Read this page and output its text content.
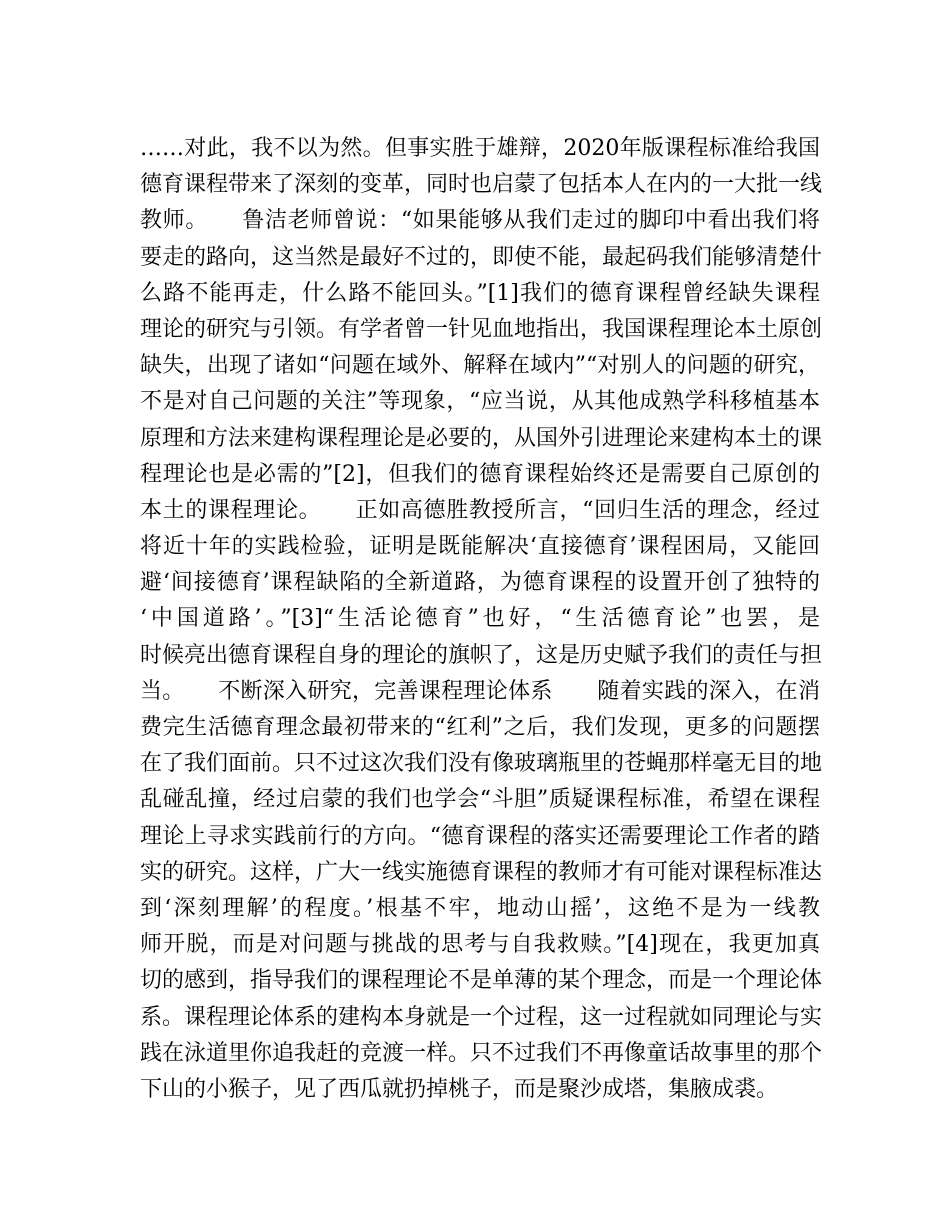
……对此，我不以为然。但事实胜于雄辩，2020年版课程标准给我国
德育课程带来了深刻的变革，同时也启蒙了包括本人在内的一大批一线
教师。　　鲁洁老师曾说：“如果能够从我们走过的脚印中看出我们将
要走的路向，这当然是最好不过的，即使不能，最起码我们能够清楚什
么路不能再走，什么路不能回头。”[1]我们的德育课程曾经缺失课程
理论的研究与引领。有学者曾一针见血地指出，我国课程理论本土原创
缺失，出现了诸如“问题在域外、解释在域内”“对别人的问题的研究，
不是对自己问题的关注”等现象，“应当说，从其他成熟学科移植基本
原理和方法来建构课程理论是必要的，从国外引进理论来建构本土的课
程理论也是必需的”[2]，但我们的德育课程始终还是需要自己原创的
本土的课程理论。　　正如高德胜教授所言，“回归生活的理念，经过
将近十年的实践检验，证明是既能解决‘直接德育’课程困局，又能回
避‘间接德育’课程缺陷的全新道路，为德育课程的设置开创了独特的
‘中国道路’。”[3]“生活论德育”也好，“生活德育论”也罢，是
时候亮出德育课程自身的理论的旗帜了，这是历史赋予我们的责任与担
当。　　不断深入研究，完善课程理论体系　　随着实践的深入，在消
费完生活德育理念最初带来的“红利”之后，我们发现，更多的问题摆
在了我们面前。只不过这次我们没有像玻璃瓶里的苍蝇那样毫无目的地
乱碰乱撞，经过启蒙的我们也学会“斗胆”质疑课程标准，希望在课程
理论上寻求实践前行的方向。“德育课程的落实还需要理论工作者的踏
实的研究。这样，广大一线实施德育课程的教师才有可能对课程标准达
到‘深刻理解’的程度。’根基不牢，地动山摇’，这绝不是为一线教
师开脱，而是对问题与挑战的思考与自我救赎。”[4]现在，我更加真
切的感到，指导我们的课程理论不是单薄的某个理念，而是一个理论体
系。课程理论体系的建构本身就是一个过程，这一过程就如同理论与实
践在泳道里你追我赶的竞渡一样。只不过我们不再像童话故事里的那个
下山的小猴子，见了西瓜就扔掉桃子，而是聚沙成塔，集腋成裘。
